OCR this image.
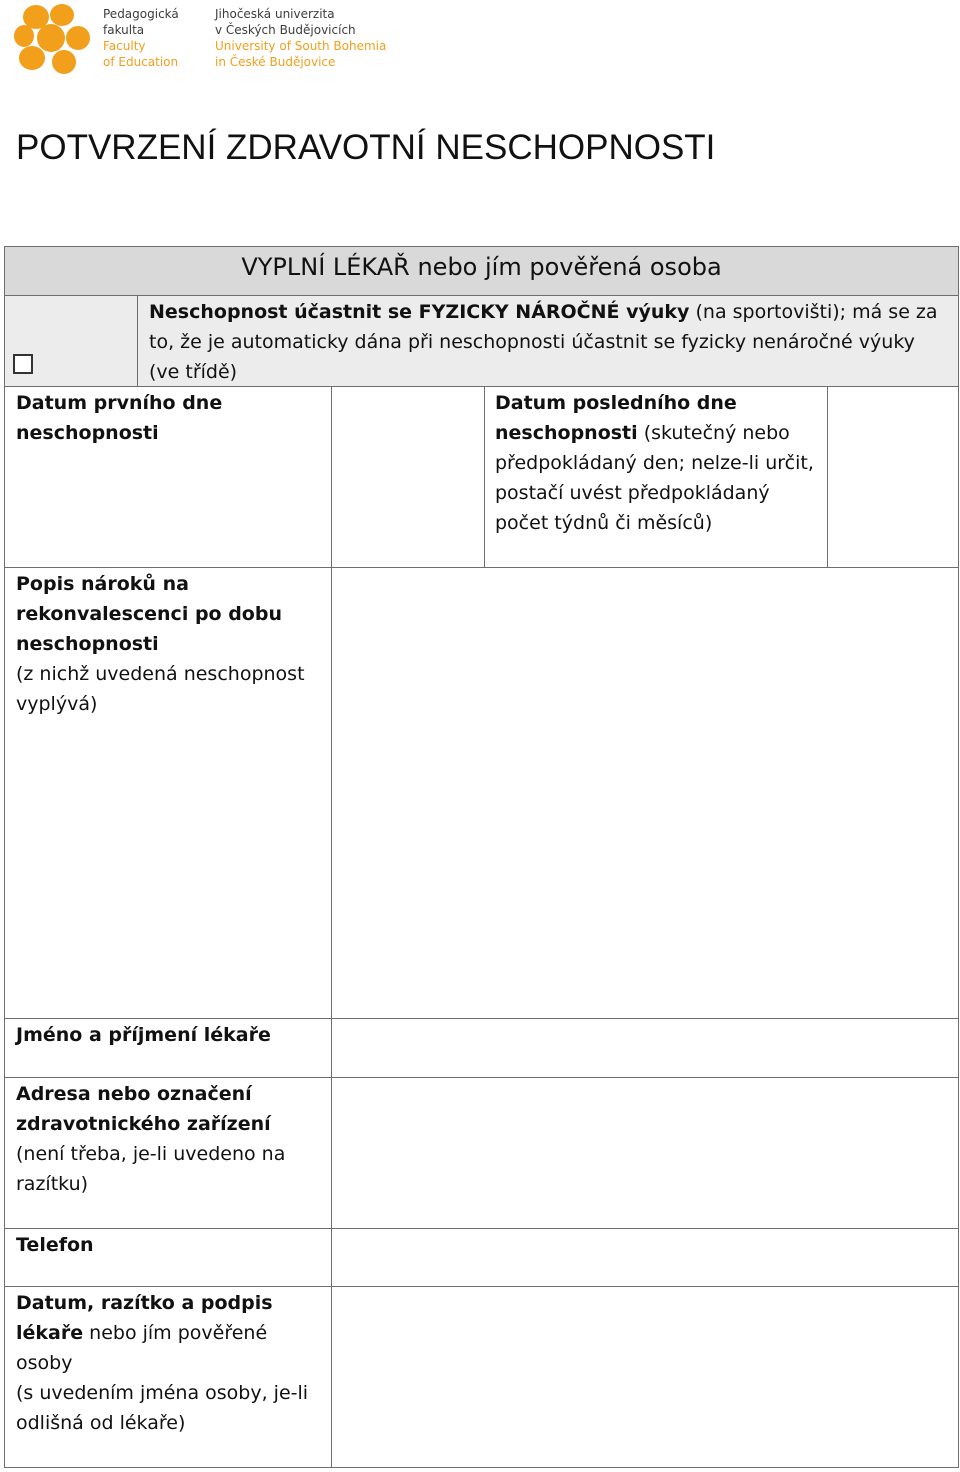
Pedagogická
fakulta
Faculty
of Education
Jihočeská univerzita
v Českých Budějovicích
University of South Bohemia
in České Budějovice
POTVRZENÍ ZDRAVOTNÍ NESCHOPNOSTI
VYPLNÍ LÉKAŘ nebo jím pověřená osoba
Neschopnost účastnit se FYZICKY NÁROČNÉ výuky (na sportovišti); má se za to, že je automaticky dána při neschopnosti účastnit se fyzicky nenáročné výuky (ve třídě)
Datum prvního dne neschopnosti
Datum posledního dne neschopnosti (skutečný nebo předpokládaný den; nelze-li určit, postačí uvést předpokládaný počet týdnů či měsíců)
Popis nároků na rekonvalescenci po dobu neschopnosti
(z nichž uvedená neschopnost vyplývá)
Jméno a příjmení lékaře
Adresa nebo označení zdravotnického zařízení
(není třeba, je-li uvedeno na razítku)
Telefon
Datum, razítko a podpis lékaře nebo jím pověřené osoby
(s uvedením jména osoby, je-li odlišná od lékaře)
